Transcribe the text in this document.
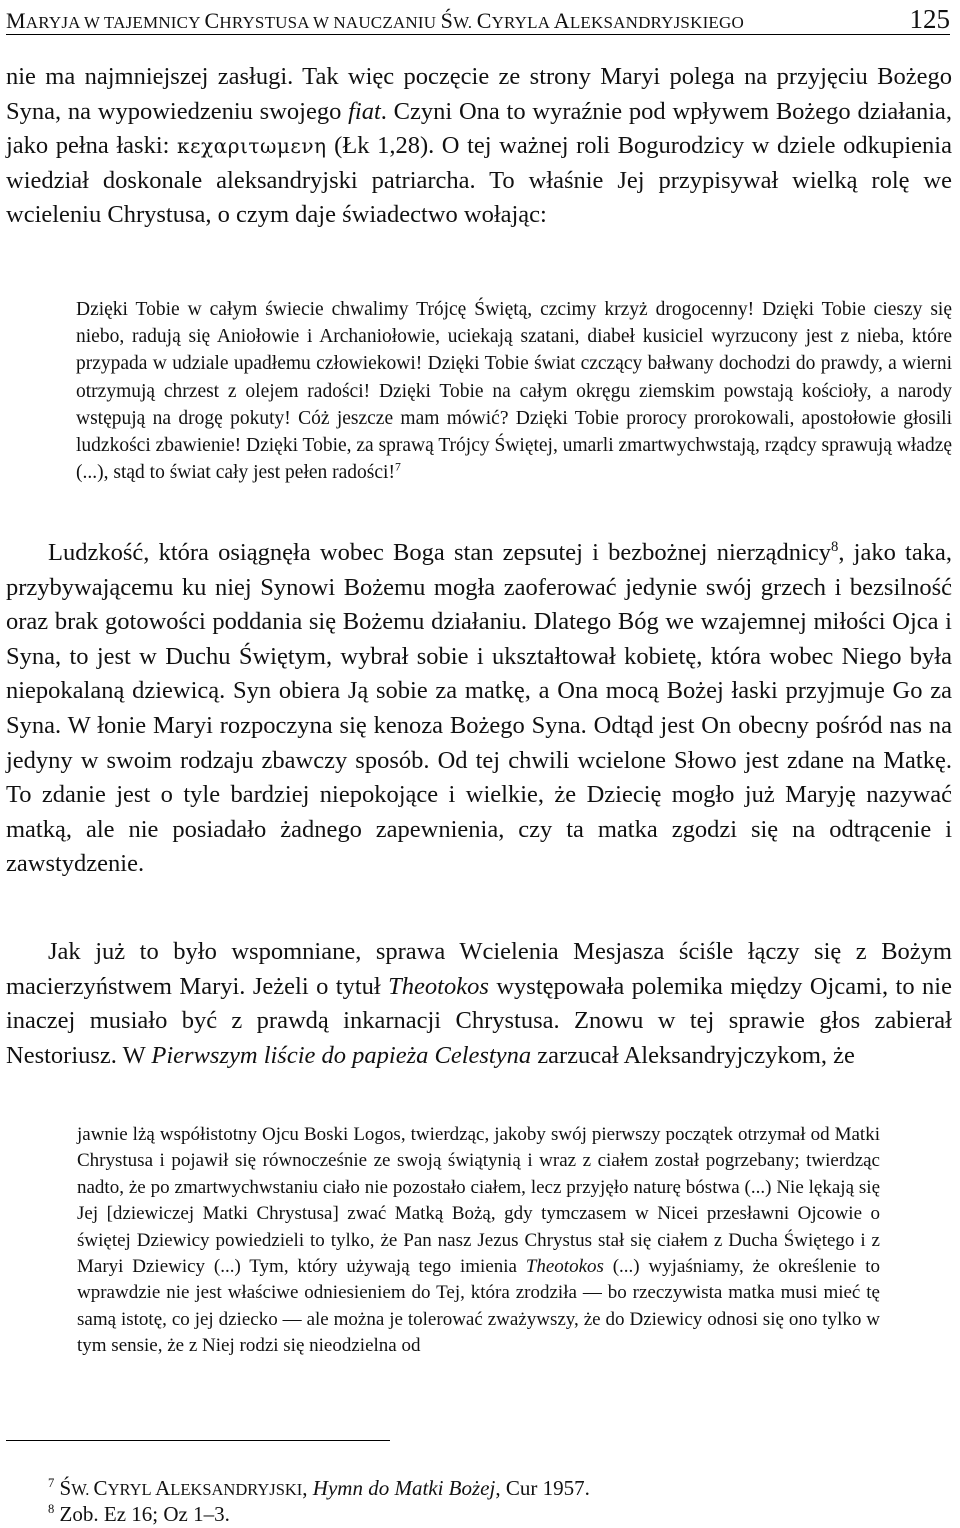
MARYJA W TAJEMNICY CHRYSTUSA W NAUCZANIU ŚW. CYRYLA ALEKSANDRYJSKIEGO	125

nie ma najmniejszej zasługi. Tak więc poczęcie ze strony Maryi polega na przyjęciu Bożego Syna, na wypowiedzeniu swojego fiat. Czyni Ona to wyraźnie pod wpływem Bożego działania, jako pełna łaski: κεχαριτωμενη (Łk 1,28). O tej ważnej roli Bogurodzicy w dziele odkupienia wiedział doskonale aleksandryjski patriarcha. To właśnie Jej przypisywał wielką rolę we wcieleniu Chrystusa, o czym daje świadectwo wołając:

Dzięki Tobie w całym świecie chwalimy Trójcę Świętą, czcimy krzyż drogocenny! Dzięki Tobie cieszy się niebo, radują się Aniołowie i Archaniołowie, uciekają szatani, diabeł kusiciel wyrzucony jest z nieba, które przypada w udziale upadłemu człowiekowi! Dzięki Tobie świat czczący bałwany dochodzi do prawdy, a wierni otrzymują chrzest z olejem radości! Dzięki Tobie na całym okręgu ziemskim powstają kościoły, a narody wstępują na drogę pokuty! Cóż jeszcze mam mówić? Dzięki Tobie prorocy prorokowali, apostołowie głosili ludzkości zbawienie! Dzięki Tobie, za sprawą Trójcy Świętej, umarli zmartwychwstają, rządcy sprawują władzę (...), stąd to świat cały jest pełen radości!$^7$

Ludzkość, która osiągnęła wobec Boga stan zepsutej i bezbożnej nierządnicy$^8$, jako taka, przybywającemu ku niej Synowi Bożemu mogła zaoferować jedynie swój grzech i bezsilność oraz brak gotowości poddania się Bożemu działaniu. Dlatego Bóg we wzajemnej miłości Ojca i Syna, to jest w Duchu Świętym, wybrał sobie i ukształtował kobietę, która wobec Niego była niepokalaną dziewicą. Syn obiera Ją sobie za matkę, a Ona mocą Bożej łaski przyjmuje Go za Syna. W łonie Maryi rozpoczyna się kenoza Bożego Syna. Odtąd jest On obecny pośród nas na jedyny w swoim rodzaju zbawczy sposób. Od tej chwili wcielone Słowo jest zdane na Matkę. To zdanie jest o tyle bardziej niepokojące i wielkie, że Dziecię mogło już Maryję nazywać matką, ale nie posiadało żadnego zapewnienia, czy ta matka zgodzi się na odtrącenie i zawstydzenie.

Jak już to było wspomniane, sprawa Wcielenia Mesjasza ściśle łączy się z Bożym macierzyństwem Maryi. Jeżeli o tytuł Theotokos występowała polemika między Ojcami, to nie inaczej musiało być z prawdą inkarnacji Chrystusa. Znowu w tej sprawie głos zabierał Nestoriusz. W Pierwszym liście do papieża Celestyna zarzucał Aleksandryjczykom, że

jawnie lżą współistotny Ojcu Boski Logos, twierdząc, jakoby swój pierwszy początek otrzymał od Matki Chrystusa i pojawił się równocześnie ze swoją świątynią i wraz z ciałem został pogrzebany; twierdząc nadto, że po zmartwychwstaniu ciało nie pozostało ciałem, lecz przyjęło naturę bóstwa (...) Nie lękają się Jej [dziewiczej Matki Chrystusa] zwać Matką Bożą, gdy tymczasem w Nicei przesławni Ojcowie o świętej Dziewicy powiedzieli to tylko, że Pan nasz Jezus Chrystus stał się ciałem z Ducha Świętego i z Maryi Dziewicy (...) Tym, który używają tego imienia Theotokos (...) wyjaśniamy, że określenie to wprawdzie nie jest właściwe odniesieniem do Tej, która zrodziła — bo rzeczywista matka musi mieć tę samą istotę, co jej dziecko — ale można je tolerować zważywszy, że do Dziewicy odnosi się ono tylko w tym sensie, że z Niej rodzi się nieodzielna od

$^7$ ŚW. CYRYL ALEKSANDRYJSKI, Hymn do Matki Bożej, Cur 1957.
$^8$ Zob. Ez 16; Oz 1–3.
